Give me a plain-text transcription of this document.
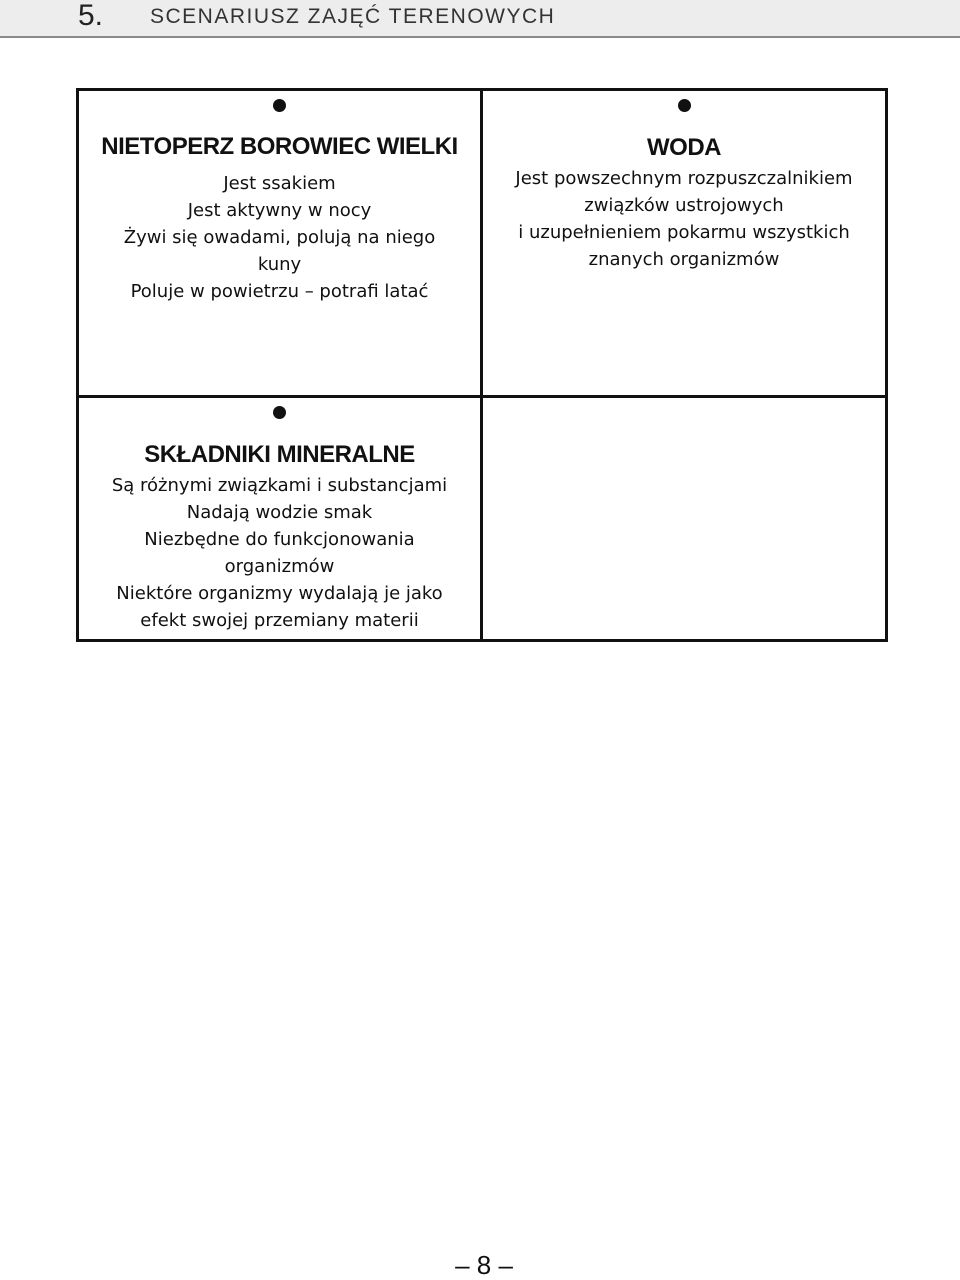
5. SCENARIUSZ ZAJĘĆ TERENOWYCH
NIETOPERZ BOROWIEC WIELKI
Jest ssakiem
Jest aktywny w nocy
Żywi się owadami, polują na niego
kuny
Poluje w powietrzu – potrafi latać
WODA
Jest powszechnym rozpuszczalnikiem
związków ustrojowych
i uzupełnieniem pokarmu wszystkich
znanych organizmów
SKŁADNIKI MINERALNE
Są różnymi związkami i substancjami
Nadają wodzie smak
Niezbędne do funkcjonowania
organizmów
Niektóre organizmy wydalają je jako
efekt swojej przemiany materii
– 8 –
